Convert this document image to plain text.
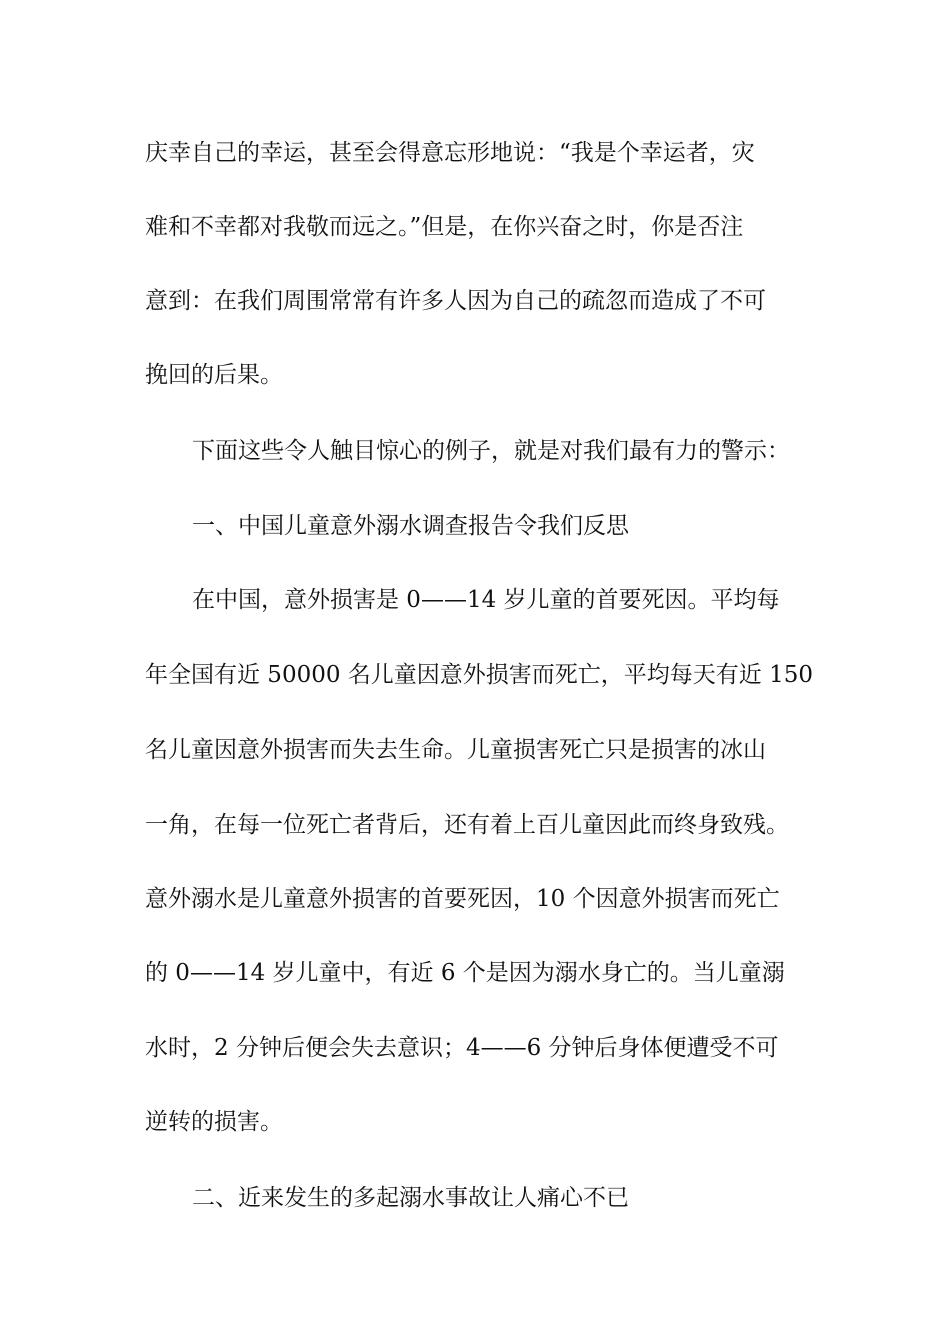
庆幸自己的幸运，甚至会得意忘形地说：“我是个幸运者，灾

难和不幸都对我敬而远之。”但是，在你兴奋之时，你是否注

意到：在我们周围常常有许多人因为自己的疏忽而造成了不可

挽回的后果。

下面这些令人触目惊心的例子，就是对我们最有力的警示：

一、中国儿童意外溺水调查报告令我们反思

在中国，意外损害是 0——14 岁儿童的首要死因。平均每

年全国有近 50000 名儿童因意外损害而死亡，平均每天有近 150

名儿童因意外损害而失去生命。儿童损害死亡只是损害的冰山

一角，在每一位死亡者背后，还有着上百儿童因此而终身致残。

意外溺水是儿童意外损害的首要死因，10 个因意外损害而死亡

的 0——14 岁儿童中，有近 6 个是因为溺水身亡的。当儿童溺

水时，2 分钟后便会失去意识；4——6 分钟后身体便遭受不可

逆转的损害。

二、近来发生的多起溺水事故让人痛心不已
